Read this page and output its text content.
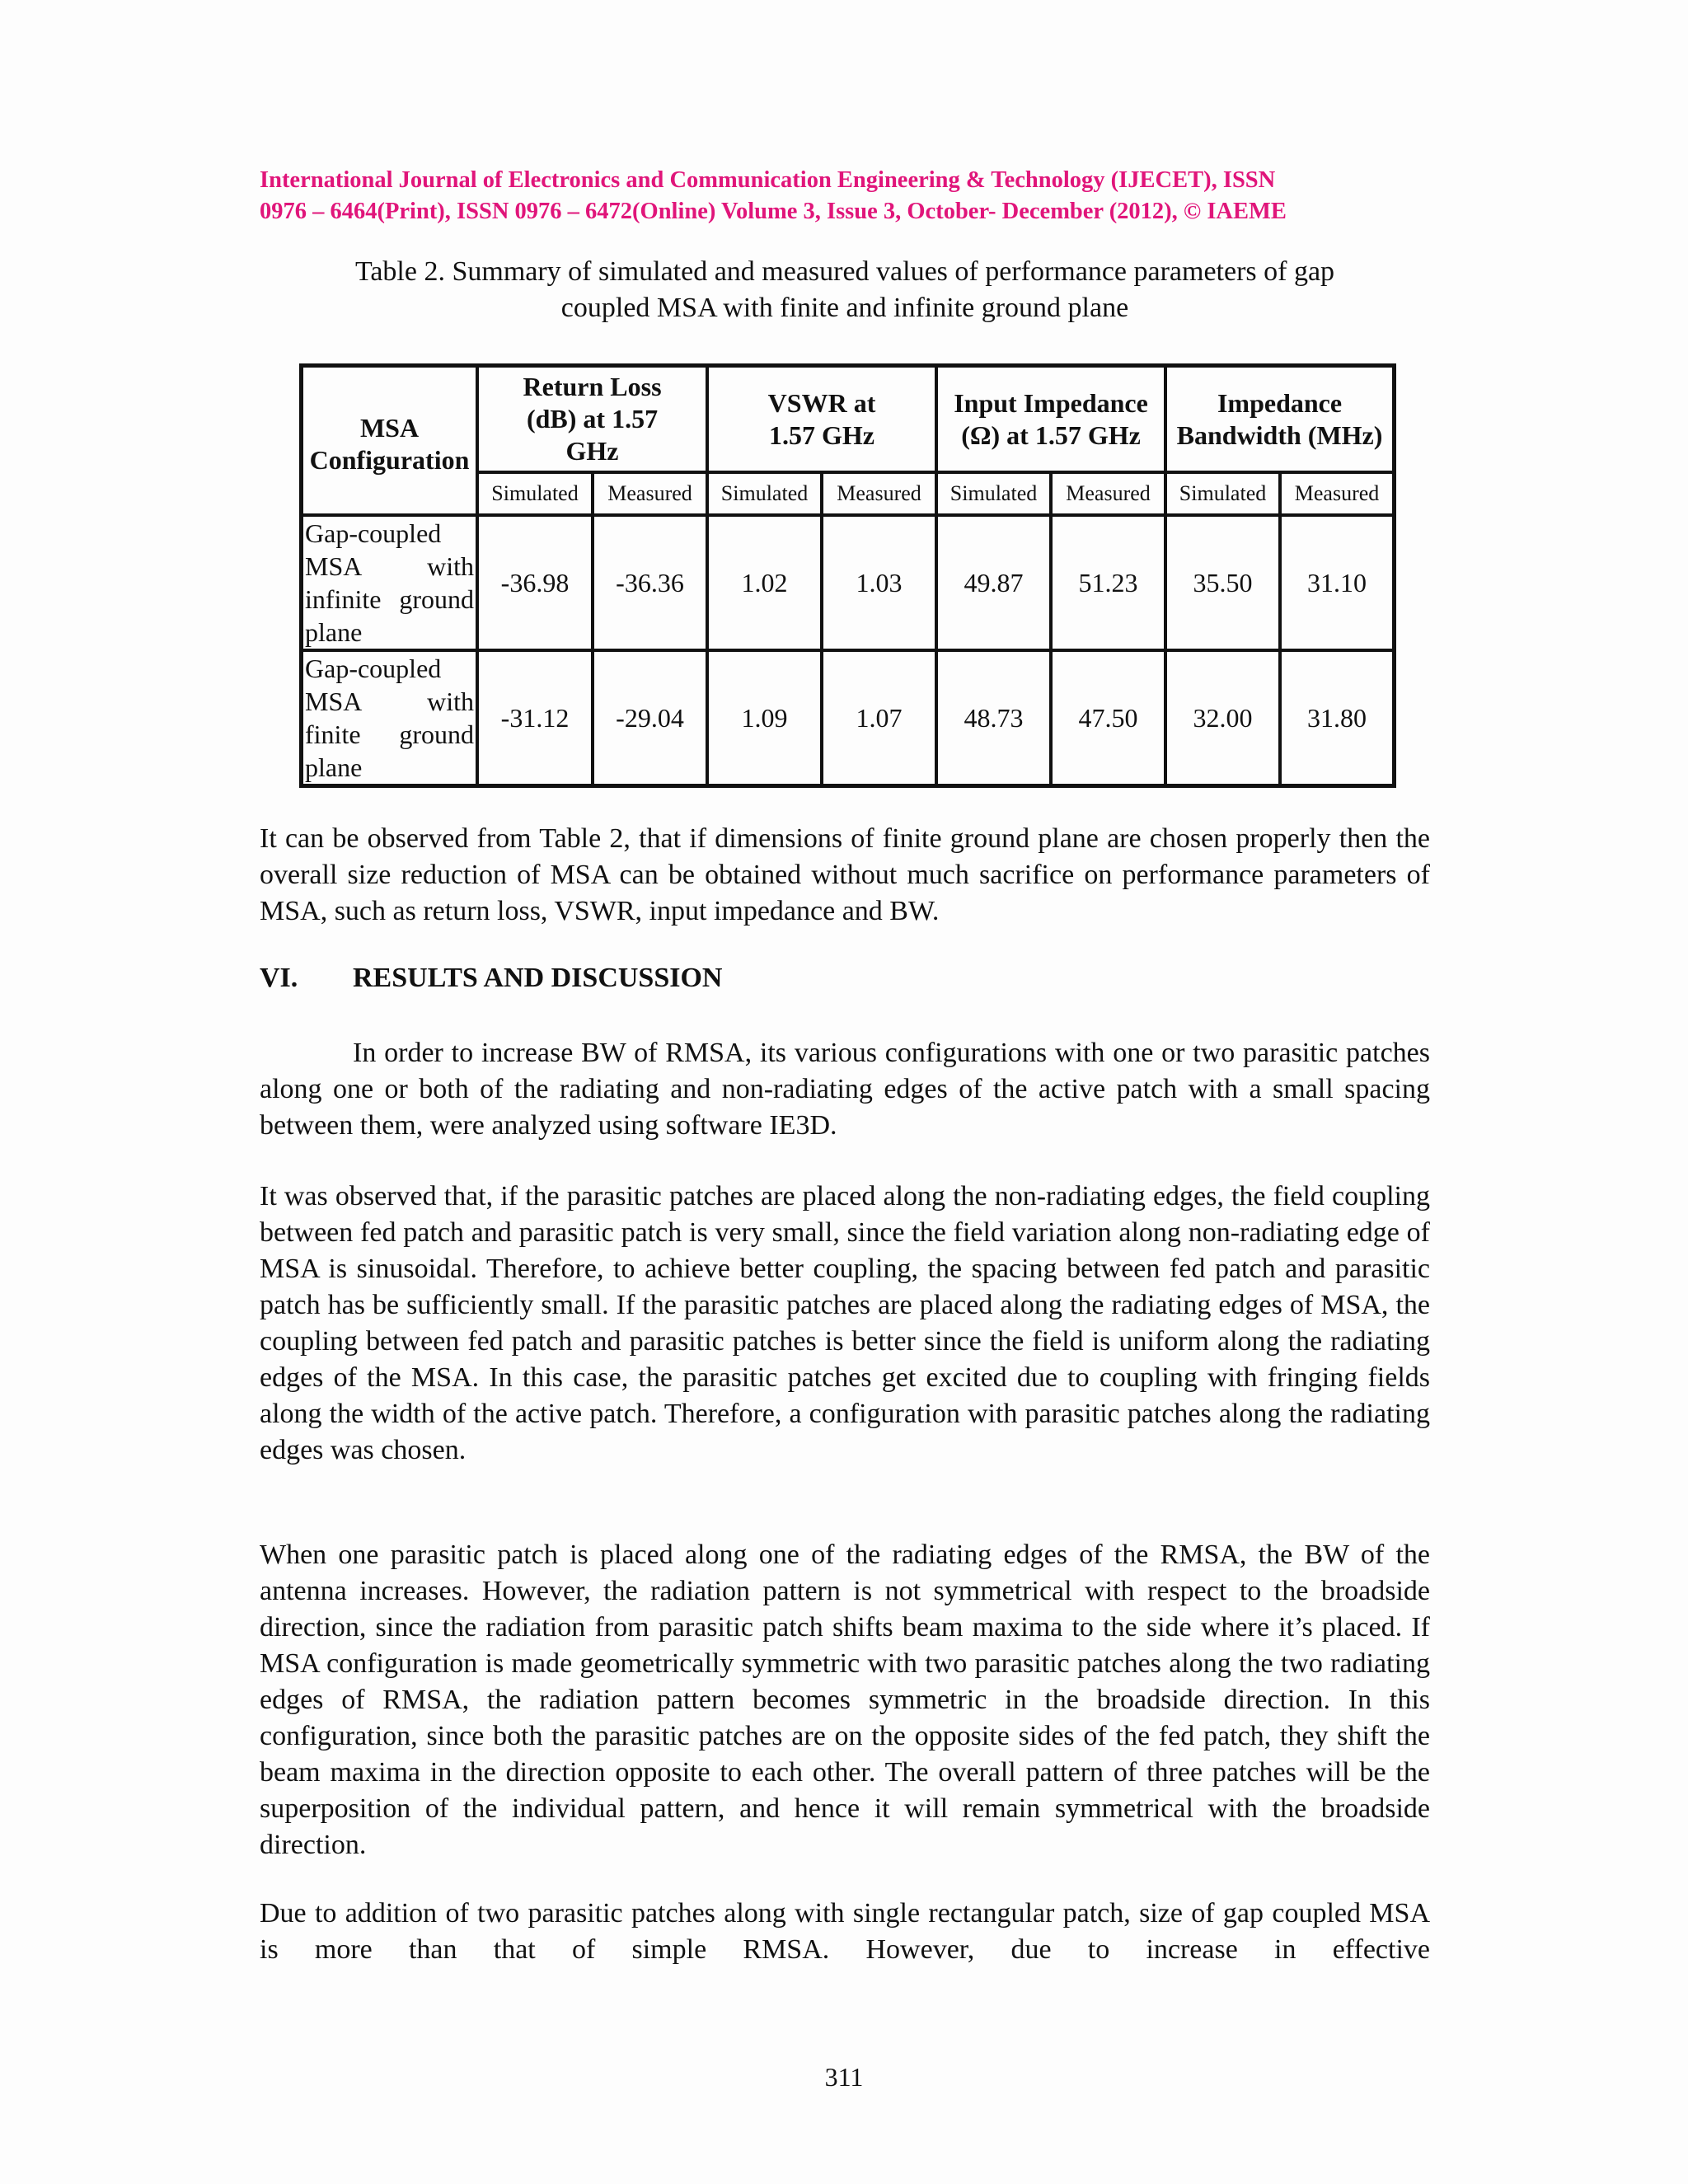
International Journal of Electronics and Communication Engineering & Technology (IJECET), ISSN
0976 – 6464(Print), ISSN 0976 – 6472(Online) Volume 3, Issue 3, October- December (2012), © IAEME
Table 2. Summary of simulated and measured values of performance parameters of gap
coupled MSA with finite and infinite ground plane
MSA Configuration	Return Loss (dB) at 1.57 GHz		VSWR at 1.57 GHz		Input Impedance (Ω) at 1.57 GHz		Impedance Bandwidth (MHz)	
	Simulated	Measured	Simulated	Measured	Simulated	Measured	Simulated	Measured
Gap-coupled MSA with infinite ground plane	-36.98	-36.36	1.02	1.03	49.87	51.23	35.50	31.10
Gap-coupled MSA with finite ground plane	-31.12	-29.04	1.09	1.07	48.73	47.50	32.00	31.80
It can be observed from Table 2, that if dimensions of finite ground plane are chosen properly then the overall size reduction of MSA can be obtained without much sacrifice on performance parameters of MSA, such as return loss, VSWR, input impedance and BW.
VI. RESULTS AND DISCUSSION
In order to increase BW of RMSA, its various configurations with one or two parasitic patches along one or both of the radiating and non-radiating edges of the active patch with a small spacing between them, were analyzed using software IE3D.
It was observed that, if the parasitic patches are placed along the non-radiating edges, the field coupling between fed patch and parasitic patch is very small, since the field variation along non-radiating edge of MSA is sinusoidal. Therefore, to achieve better coupling, the spacing between fed patch and parasitic patch has be sufficiently small. If the parasitic patches are placed along the radiating edges of MSA, the coupling between fed patch and parasitic patches is better since the field is uniform along the radiating edges of the MSA. In this case, the parasitic patches get excited due to coupling with fringing fields along the width of the active patch. Therefore, a configuration with parasitic patches along the radiating edges was chosen.
When one parasitic patch is placed along one of the radiating edges of the RMSA, the BW of the antenna increases. However, the radiation pattern is not symmetrical with respect to the broadside direction, since the radiation from parasitic patch shifts beam maxima to the side where it’s placed. If MSA configuration is made geometrically symmetric with two parasitic patches along the two radiating edges of RMSA, the radiation pattern becomes symmetric in the broadside direction. In this configuration, since both the parasitic patches are on the opposite sides of the fed patch, they shift the beam maxima in the direction opposite to each other. The overall pattern of three patches will be the superposition of the individual pattern, and hence it will remain symmetrical with the broadside direction.
Due to addition of two parasitic patches along with single rectangular patch, size of gap coupled MSA is more than that of simple RMSA. However, due to increase in effective
311
